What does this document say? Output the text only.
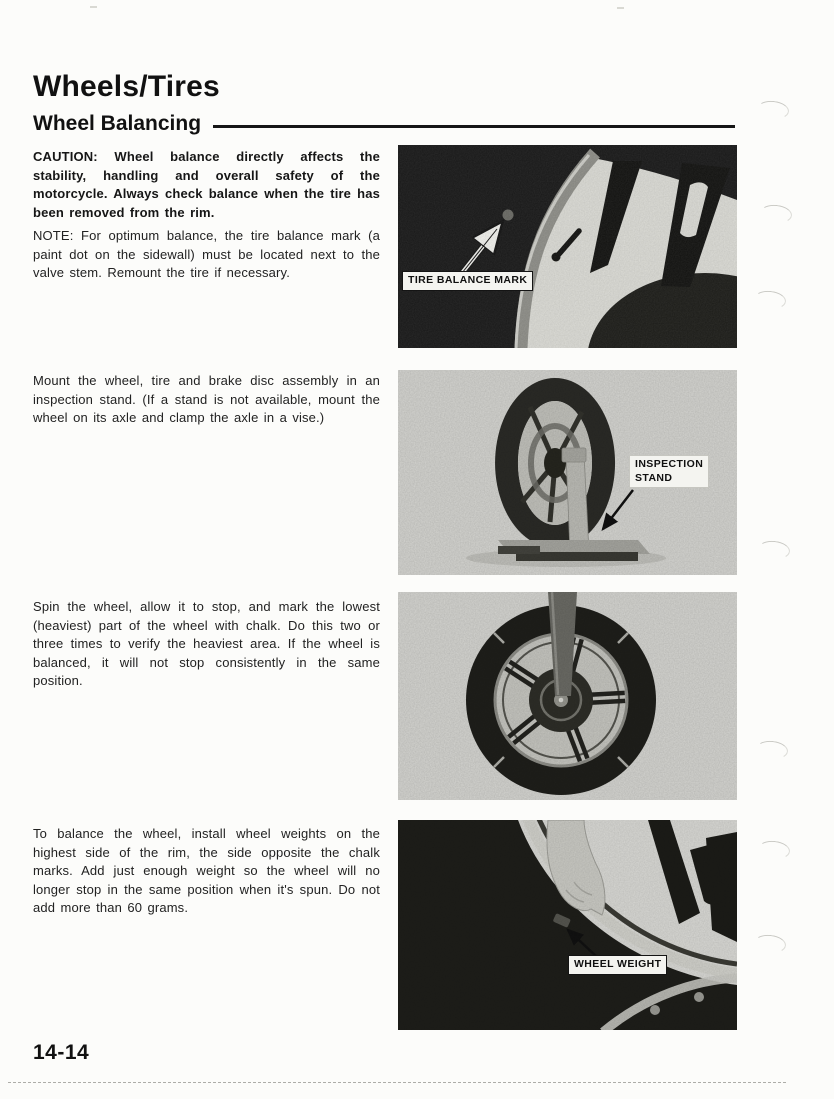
Wheels/Tires
Wheel Balancing
CAUTION: Wheel balance directly affects the stability, handling and overall safety of the motorcycle. Always check balance when the tire has been removed from the rim.
NOTE: For optimum balance, the tire balance mark (a paint dot on the sidewall) must be located next to the valve stem. Remount the tire if necessary.
Mount the wheel, tire and brake disc assembly in an inspection stand. (If a stand is not available, mount the wheel on its axle and clamp the axle in a vise.)
Spin the wheel, allow it to stop, and mark the lowest (heaviest) part of the wheel with chalk. Do this two or three times to verify the heaviest area. If the wheel is balanced, it will not stop consistently in the same position.
To balance the wheel, install wheel weights on the highest side of the rim, the side opposite the chalk marks. Add just enough weight so the wheel will no longer stop in the same position when it's spun. Do not add more than 60 grams.
TIRE BALANCE MARK
INSPECTION
STAND
WHEEL WEIGHT
14-14
